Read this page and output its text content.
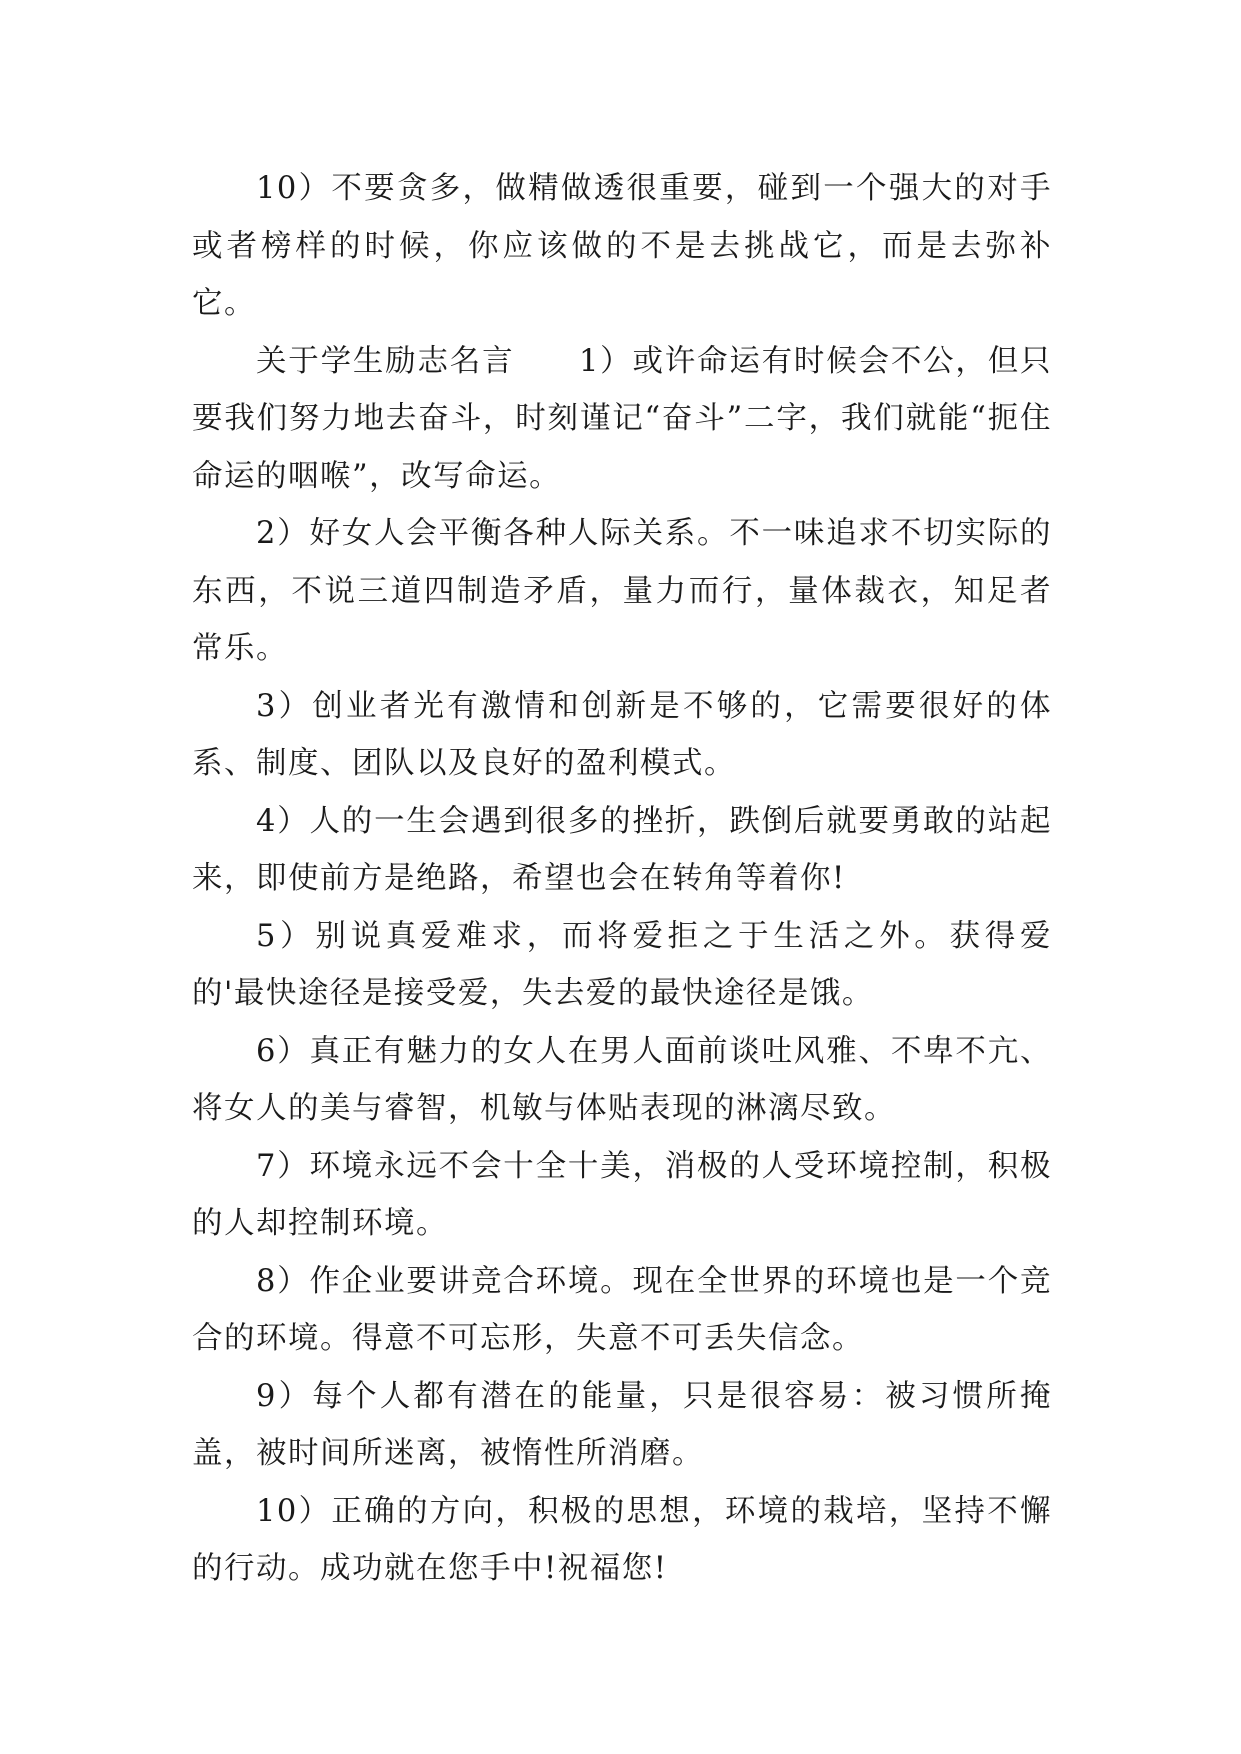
10）不要贪多，做精做透很重要，碰到一个强大的对手或者榜样的时候，你应该做的不是去挑战它，而是去弥补它。

关于学生励志名言　　1）或许命运有时候会不公，但只要我们努力地去奋斗，时刻谨记“奋斗”二字，我们就能“扼住命运的咽喉”，改写命运。

2）好女人会平衡各种人际关系。不一味追求不切实际的东西，不说三道四制造矛盾，量力而行，量体裁衣，知足者常乐。

3）创业者光有激情和创新是不够的，它需要很好的体系、制度、团队以及良好的盈利模式。

4）人的一生会遇到很多的挫折，跌倒后就要勇敢的站起来，即使前方是绝路，希望也会在转角等着你!

5）别说真爱难求，而将爱拒之于生活之外。获得爱的'最快途径是接受爱，失去爱的最快途径是饿。

6）真正有魅力的女人在男人面前谈吐风雅、不卑不亢、将女人的美与睿智，机敏与体贴表现的淋漓尽致。

7）环境永远不会十全十美，消极的人受环境控制，积极的人却控制环境。

8）作企业要讲竞合环境。现在全世界的环境也是一个竞合的环境。得意不可忘形，失意不可丢失信念。

9）每个人都有潜在的能量，只是很容易：被习惯所掩盖，被时间所迷离，被惰性所消磨。

10）正确的方向，积极的思想，环境的栽培，坚持不懈的行动。成功就在您手中!祝福您!
